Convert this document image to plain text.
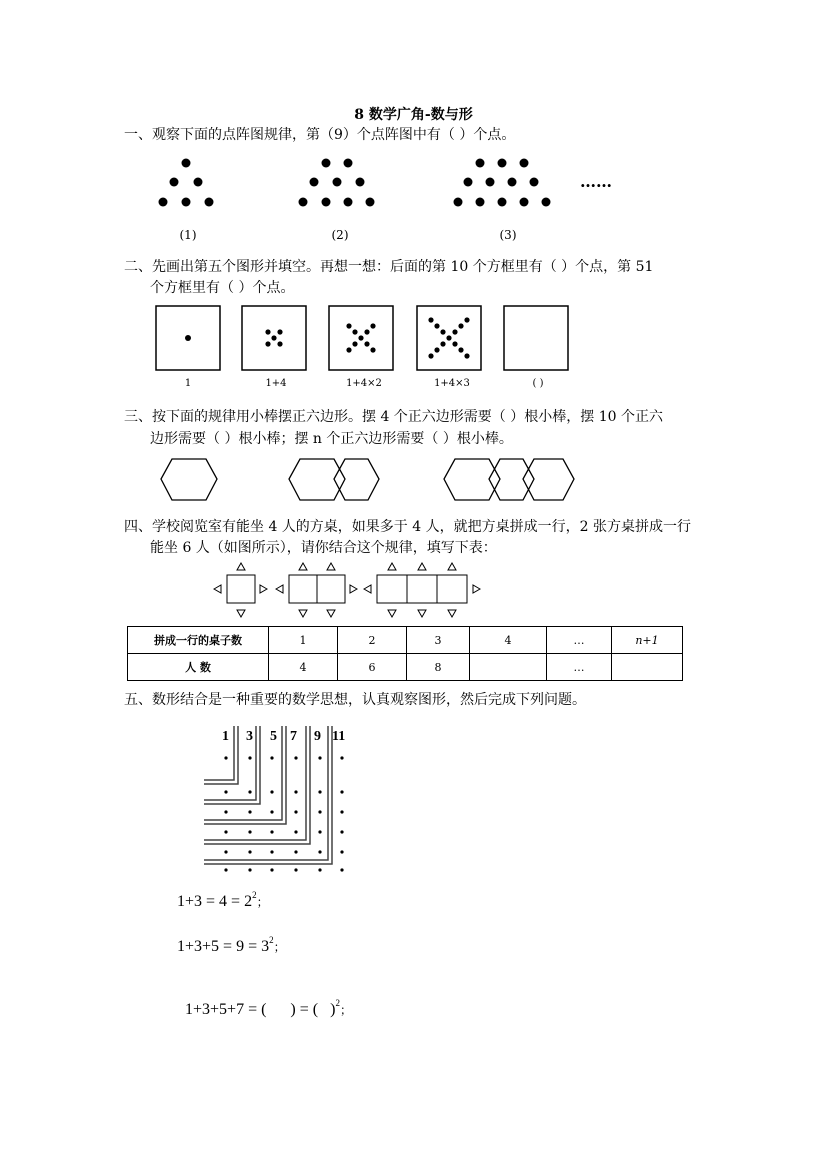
8 数学广角-数与形
一、观察下面的点阵图规律，第（9）个点阵图中有（ ）个点。
……
(1)	(2)	(3)
二、先画出第五个图形并填空。再想一想：后面的第 10 个方框里有（ ）个点，第 51
个方框里有（ ）个点。
1	1+4	1+4×2	1+4×3	( )
三、按下面的规律用小棒摆正六边形。摆 4 个正六边形需要（ ）根小棒，摆 10 个正六
边形需要（ ）根小棒；摆 n 个正六边形需要（ ）根小棒。
四、学校阅览室有能坐 4 人的方桌，如果多于 4 人，就把方桌拼成一行，2 张方桌拼成一行
能坐 6 人（如图所示），请你结合这个规律，填写下表：
拼成一行的桌子数	1	2	3	4	…	n+1
人 数	4	6	8		…	
五、数形结合是一种重要的数学思想，认真观察图形，然后完成下列问题。
1 3 5 7 9 11
$1+3 = 4 = 2^2$；
$1+3+5 = 9 = 3^2$；

1+3+5+7 = (      ) = (   )$^2$；
